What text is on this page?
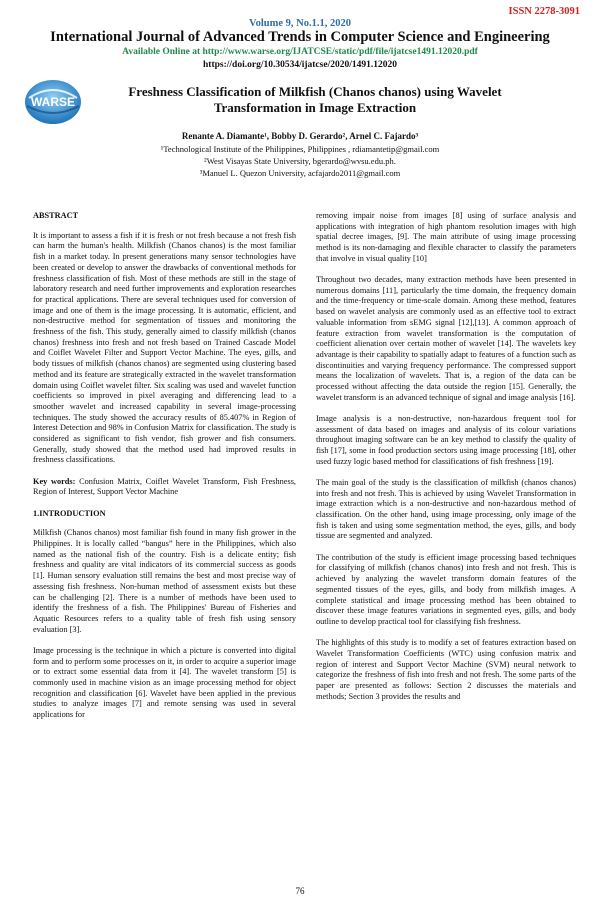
ISSN 2278-3091
Volume 9, No.1.1, 2020
International Journal of Advanced Trends in Computer Science and Engineering
Available Online at http://www.warse.org/IJATCSE/static/pdf/file/ijatcse1491.12020.pdf
https://doi.org/10.30534/ijatcse/2020/1491.12020
WARSE
Freshness Classification of Milkfish (Chanos chanos) using Wavelet
Transformation in Image Extraction
Renante A. Diamante¹, Bobby D. Gerardo², Arnel C. Fajardo³
¹Technological Institute of the Philippines, Philippines , rdiamantetip@gmail.com
²West Visayas State University, bgerardo@wvsu.edu.ph.
³Manuel L. Quezon University, acfajardo2011@gmail.com
ABSTRACT

It is important to assess a fish if it is fresh or not fresh because a not fresh fish can harm the human's health. Milkfish (Chanos chanos) is the most familiar fish in a market today. In present generations many sensor technologies have been created or develop to answer the drawbacks of conventional methods for freshness classification of fish. Most of these methods are still in the stage of laboratory research and need further improvements and exploration researches for practical applications. There are several techniques used for conversion of image and one of them is the image processing. It is automatic, efficient, and non-destructive method for segmentation of tissues and monitoring the freshness of the fish. This study, generally aimed to classify milkfish (chanos chanos) freshness into fresh and not fresh based on Trained Cascade Model and Coiflet Wavelet Filter and Support Vector Machine. The eyes, gills, and body tissues of milkfish (chanos chanos) are segmented using clustering based method and its feature are strategically extracted in the wavelet transformation domain using Coiflet wavelet filter. Six scaling was used and wavelet function coefficients so improved in pixel averaging and differencing lead to a smoother wavelet and increased capability in several image-processing techniques. The study showed the accuracy results of 85.407% in Region of Interest Detection and 98% in Confusion Matrix for classification. The study is considered as significant to fish vendor, fish grower and fish consumers. Generally, study showed that the method used had improved results in freshness classifications.

Key words: Confusion Matrix, Coiflet Wavelet Transform, Fish Freshness, Region of Interest, Support Vector Machine

1.INTRODUCTION

Milkfish (Chanos chanos) most familiar fish found in many fish grower in the Philippines. It is locally called “bangus” here in the Philippines, which also named as the national fish of the country. Fish is a delicate entity; fish freshness and quality are vital indicators of its commercial success as goods [1]. Human sensory evaluation still remains the best and most precise way of assessing fish freshness. Non-human method of assessment exists but these can be challenging [2]. There is a number of methods have been used to identify the freshness of a fish. The Philippines' Bureau of Fisheries and Aquatic Resources refers to a quality table of fresh fish using sensory evaluation [3].

Image processing is the technique in which a picture is converted into digital form and to perform some processes on it, in order to acquire a superior image or to extract some essential data from it [4]. The wavelet transform [5] is commonly used in machine vision as an image processing method for object recognition and classification [6]. Wavelet have been applied in the previous studies to analyze images [7] and remote sensing was used in several applications for

removing impair noise from images [8] using of surface analysis and applications with integration of high phantom resolution images with high spatial decree images, [9]. The main attribute of using image processing method is its non-damaging and flexible character to classify the parameters that involve in visual quality [10]

Throughout two decades, many extraction methods have been presented in numerous domains [11], particularly the time domain, the frequency domain and the time-frequency or time-scale domain. Among these method, features based on wavelet analysis are commonly used as an effective tool to extract valuable information from sEMG signal [12],[13]. A common approach of feature extraction from wavelet transformation is the computation of coefficient alienation over certain mother of wavelet [14]. The wavelets key advantage is their capability to spatially adapt to features of a function such as discontinuities and varying frequency performance. The compressed support means the localization of wavelets. That is, a region of the data can be processed without affecting the data outside the region [15]. Generally, the wavelet transform is an advanced technique of signal and image analysis [16].

Image analysis is a non-destructive, non-hazardous frequent tool for assessment of data based on images and analysis of its colour variations throughout imaging software can be an key method to classify the quality of fish [17], some in food production sectors using image processing [18], other used fuzzy logic based method for classifications of fish freshness [19].

The main goal of the study is the classification of milkfish (chanos chanos) into fresh and not fresh. This is achieved by using Wavelet Transformation in image extraction which is a non-destructive and non-hazardous method of classification. On the other hand, using image processing, only image of the fish is taken and using some segmentation method, the eyes, gills, and body tissue are segmented and analyzed.

The contribution of the study is efficient image processing based techniques for classifying of milkfish (chanos chanos) into fresh and not fresh. This is achieved by analyzing the wavelet transform domain features of the segmented tissues of the eyes, gills, and body from milkfish images. A complete statistical and image processing method has been obtained to discover these image features variations in segmented eyes, gills, and body outline to develop practical tool for classifying fish freshness.

The highlights of this study is to modify a set of features extraction based on Wavelet Transformation Coefficients (WTC) using confusion matrix and region of interest and Support Vector Machine (SVM) neural network to categorize the freshness of fish into fresh and not fresh. The some parts of the paper are presented as follows: Section 2 discusses the materials and methods; Section 3 provides the results and

76
